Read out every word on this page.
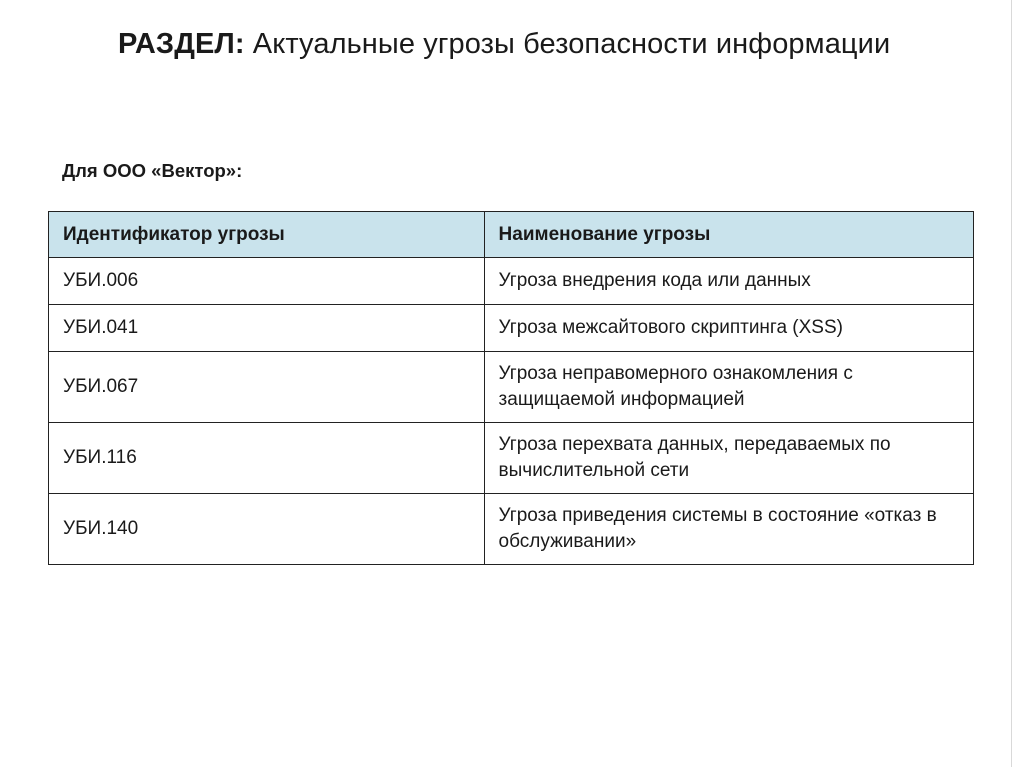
РАЗДЕЛ: Актуальные угрозы безопасности информации

Для ООО «Вектор»:

Идентификатор угрозы	Наименование угрозы
УБИ.006	Угроза внедрения кода или данных
УБИ.041	Угроза межсайтового скриптинга (XSS)
УБИ.067	Угроза неправомерного ознакомления с защищаемой информацией
УБИ.116	Угроза перехвата данных, передаваемых по вычислительной сети
УБИ.140	Угроза приведения системы в состояние «отказ в обслуживании»
